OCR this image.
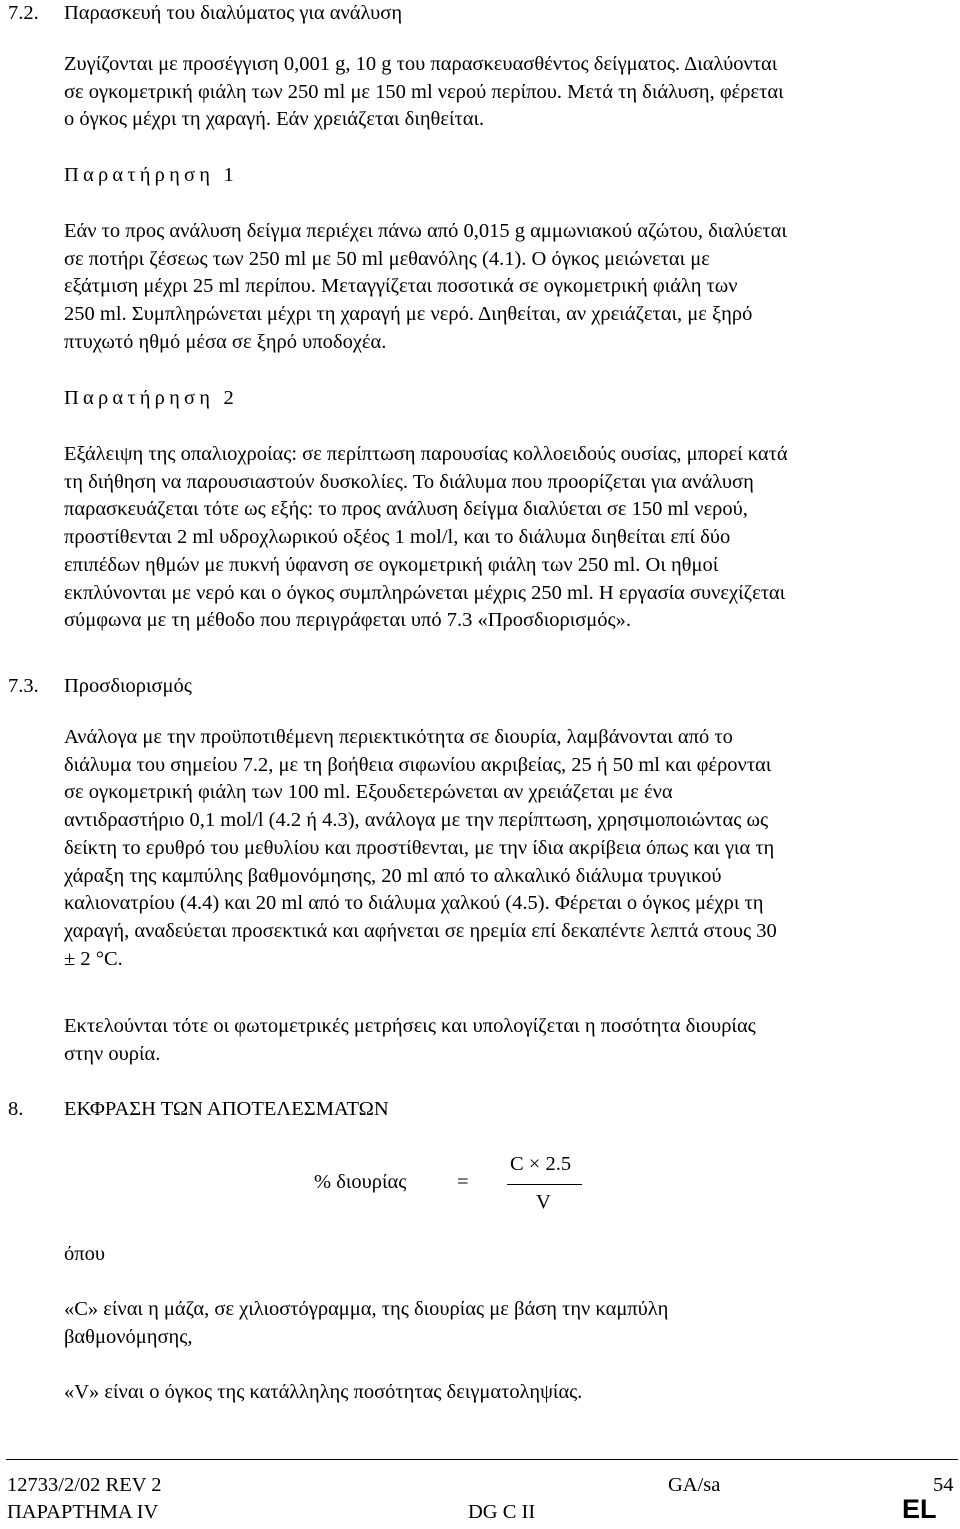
7.2. Παρασκευή του διαλύματος για ανάλυση
Ζυγίζονται με προσέγγιση 0,001 g, 10 g του παρασκευασθέντος δείγματος. Διαλύονται
σε ογκομετρική φιάλη των 250 ml με 150 ml νερού περίπου. Μετά τη διάλυση, φέρεται
ο όγκος μέχρι τη χαραγή. Εάν χρειάζεται διηθείται.
Παρατήρηση 1
Εάν το προς ανάλυση δείγμα περιέχει πάνω από 0,015 g αμμωνιακού αζώτου, διαλύεται
σε ποτήρι ζέσεως των 250 ml με 50 ml μεθανόλης (4.1). Ο όγκος μειώνεται με
εξάτμιση μέχρι 25 ml περίπου. Μεταγγίζεται ποσοτικά σε ογκομετρική φιάλη των
250 ml. Συμπληρώνεται μέχρι τη χαραγή με νερό. Διηθείται, αν χρειάζεται, με ξηρό
πτυχωτό ηθμό μέσα σε ξηρό υποδοχέα.
Παρατήρηση 2
Εξάλειψη της οπαλιοχροίας: σε περίπτωση παρουσίας κολλοειδούς ουσίας, μπορεί κατά
τη διήθηση να παρουσιαστούν δυσκολίες. Το διάλυμα που προορίζεται για ανάλυση
παρασκευάζεται τότε ως εξής: το προς ανάλυση δείγμα διαλύεται σε 150 ml νερού,
προστίθενται 2 ml υδροχλωρικού οξέος 1 mol/l, και το διάλυμα διηθείται επί δύο
επιπέδων ηθμών με πυκνή ύφανση σε ογκομετρική φιάλη των 250 ml. Οι ηθμοί
εκπλύνονται με νερό και ο όγκος συμπληρώνεται μέχρις 250 ml. Η εργασία συνεχίζεται
σύμφωνα με τη μέθοδο που περιγράφεται υπό 7.3 «Προσδιορισμός».
7.3. Προσδιορισμός
Ανάλογα με την προϋποτιθέμενη περιεκτικότητα σε διουρία, λαμβάνονται από το
διάλυμα του σημείου 7.2, με τη βοήθεια σιφωνίου ακριβείας, 25 ή 50 ml και φέρονται
σε ογκομετρική φιάλη των 100 ml. Εξουδετερώνεται αν χρειάζεται με ένα
αντιδραστήριο 0,1 mol/l (4.2 ή 4.3), ανάλογα με την περίπτωση, χρησιμοποιώντας ως
δείκτη το ερυθρό του μεθυλίου και προστίθενται, με την ίδια ακρίβεια όπως και για τη
χάραξη της καμπύλης βαθμονόμησης, 20 ml από το αλκαλικό διάλυμα τρυγικού
καλιονατρίου (4.4) και 20 ml από το διάλυμα χαλκού (4.5). Φέρεται ο όγκος μέχρι τη
χαραγή, αναδεύεται προσεκτικά και αφήνεται σε ηρεμία επί δεκαπέντε λεπτά στους 30
± 2 °C.
Εκτελούνται τότε οι φωτομετρικές μετρήσεις και υπολογίζεται η ποσότητα διουρίας
στην ουρία.
8. ΕΚΦΡΑΣΗ ΤΩΝ ΑΠΟΤΕΛΕΣΜΑΤΩΝ
% διουρίας =
C × 2.5
V
όπου
«C» είναι η μάζα, σε χιλιοστόγραμμα, της διουρίας με βάση την καμπύλη
βαθμονόμησης,
«V» είναι ο όγκος της κατάλληλης ποσότητας δειγματοληψίας.
12733/2/02 REV 2	GA/sa	54
ΠΑΡΑΡΤΗΜΑ IV	DG C II	EL
